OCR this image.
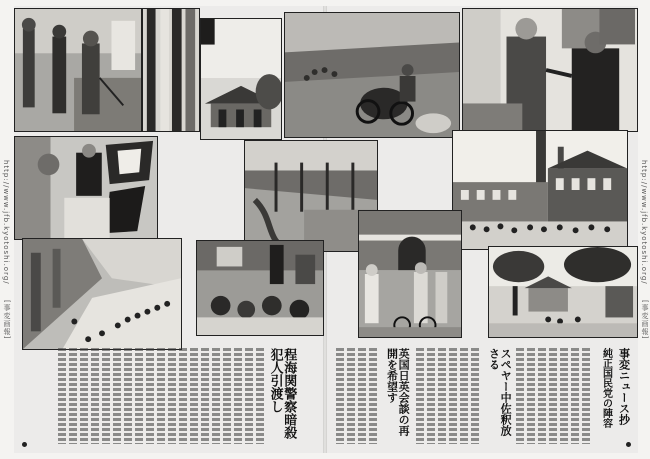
http://www.jfb.kyotoshi.org/
[事変画報]
http://www.jfb.kyotoshi.org/
[事変画報]
程海関警察暗殺犯人引渡し	英国日英会談の再開を希望す	スペヤー中佐釈放さる	純正国民党の陣容 事変ニュース抄
